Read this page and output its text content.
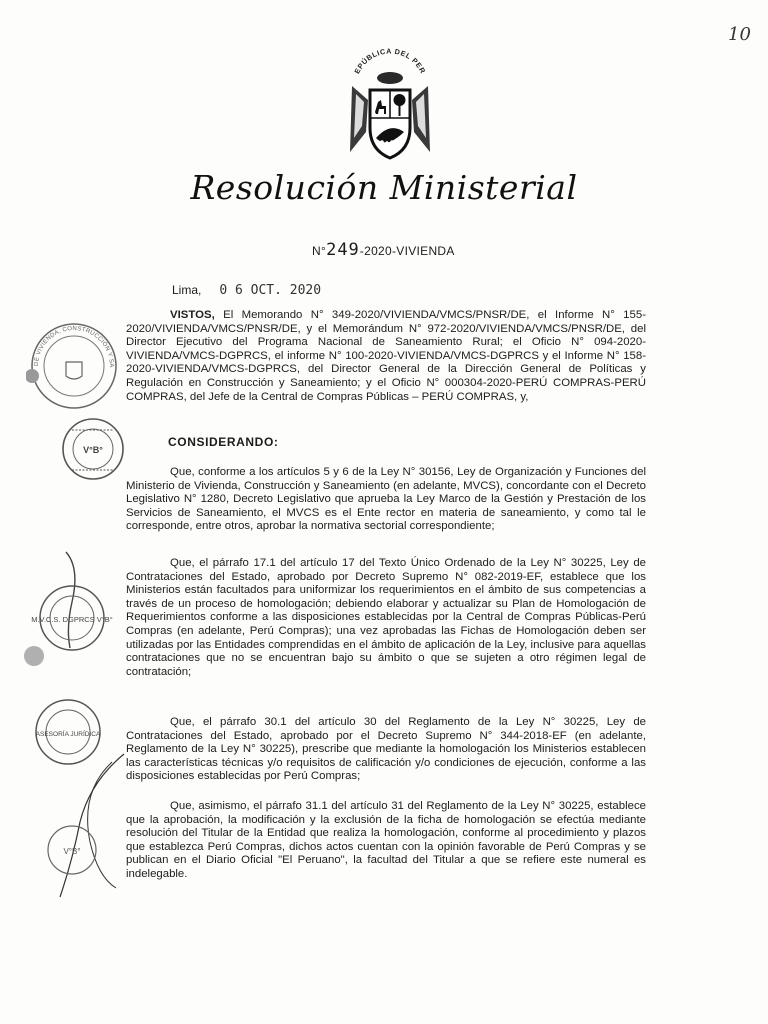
10
EPÚBLICA DEL PER
Resolución Ministerial
N°249-2020-VIVIENDA
Lima, 0 6 OCT. 2020

VISTOS, El Memorando N° 349-2020/VIVIENDA/VMCS/PNSR/DE, el Informe N° 155-2020/VIVIENDA/VMCS/PNSR/DE, y el Memorándum N° 972-2020/VIVIENDA/VMCS/PNSR/DE, del Director Ejecutivo del Programa Nacional de Saneamiento Rural; el Oficio N° 094-2020-VIVIENDA/VMCS-DGPRCS, el informe N° 100-2020-VIVIENDA/VMCS-DGPRCS y el Informe N° 158-2020-VIVIENDA/VMCS-DGPRCS, del Director General de la Dirección General de Políticas y Regulación en Construcción y Saneamiento; y el Oficio N° 000304-2020-PERÚ COMPRAS-PERÚ COMPRAS, del Jefe de la Central de Compras Públicas – PERÚ COMPRAS, y,

CONSIDERANDO:

Que, conforme a los artículos 5 y 6 de la Ley N° 30156, Ley de Organización y Funciones del Ministerio de Vivienda, Construcción y Saneamiento (en adelante, MVCS), concordante con el Decreto Legislativo N° 1280, Decreto Legislativo que aprueba la Ley Marco de la Gestión y Prestación de los Servicios de Saneamiento, el MVCS es el Ente rector en materia de saneamiento, y como tal le corresponde, entre otros, aprobar la normativa sectorial correspondiente;

Que, el párrafo 17.1 del artículo 17 del Texto Único Ordenado de la Ley N° 30225, Ley de Contrataciones del Estado, aprobado por Decreto Supremo N° 082-2019-EF, establece que los Ministerios están facultados para uniformizar los requerimientos en el ámbito de sus competencias a través de un proceso de homologación; debiendo elaborar y actualizar su Plan de Homologación de Requerimientos conforme a las disposiciones establecidas por la Central de Compras Públicas-Perú Compras (en adelante, Perú Compras); una vez aprobadas las Fichas de Homologación deben ser utilizadas por las Entidades comprendidas en el ámbito de aplicación de la Ley, inclusive para aquellas contrataciones que no se encuentran bajo su ámbito o que se sujeten a otro régimen legal de contratación;

Que, el párrafo 30.1 del artículo 30 del Reglamento de la Ley N° 30225, Ley de Contrataciones del Estado, aprobado por el Decreto Supremo N° 344-2018-EF (en adelante, Reglamento de la Ley N° 30225), prescribe que mediante la homologación los Ministerios establecen las características técnicas y/o requisitos de calificación y/o condiciones de ejecución, conforme a las disposiciones establecidas por Perú Compras;

Que, asimismo, el párrafo 31.1 del artículo 31 del Reglamento de la Ley N° 30225, establece que la aprobación, la modificación y la exclusión de la ficha de homologación se efectúa mediante resolución del Titular de la Entidad que realiza la homologación, conforme al procedimiento y plazos que establezca Perú Compras, dichos actos cuentan con la opinión favorable de Perú Compras y se publican en el Diario Oficial "El Peruano", la facultad del Titular a que se refiere este numeral es indelegable.

DE VIVIENDA, CONSTRUCCIÓN Y SA
V°B°
M.V.C.S. DGPRCS V°B°
ASESORÍA JURÍDICA
V°B°
